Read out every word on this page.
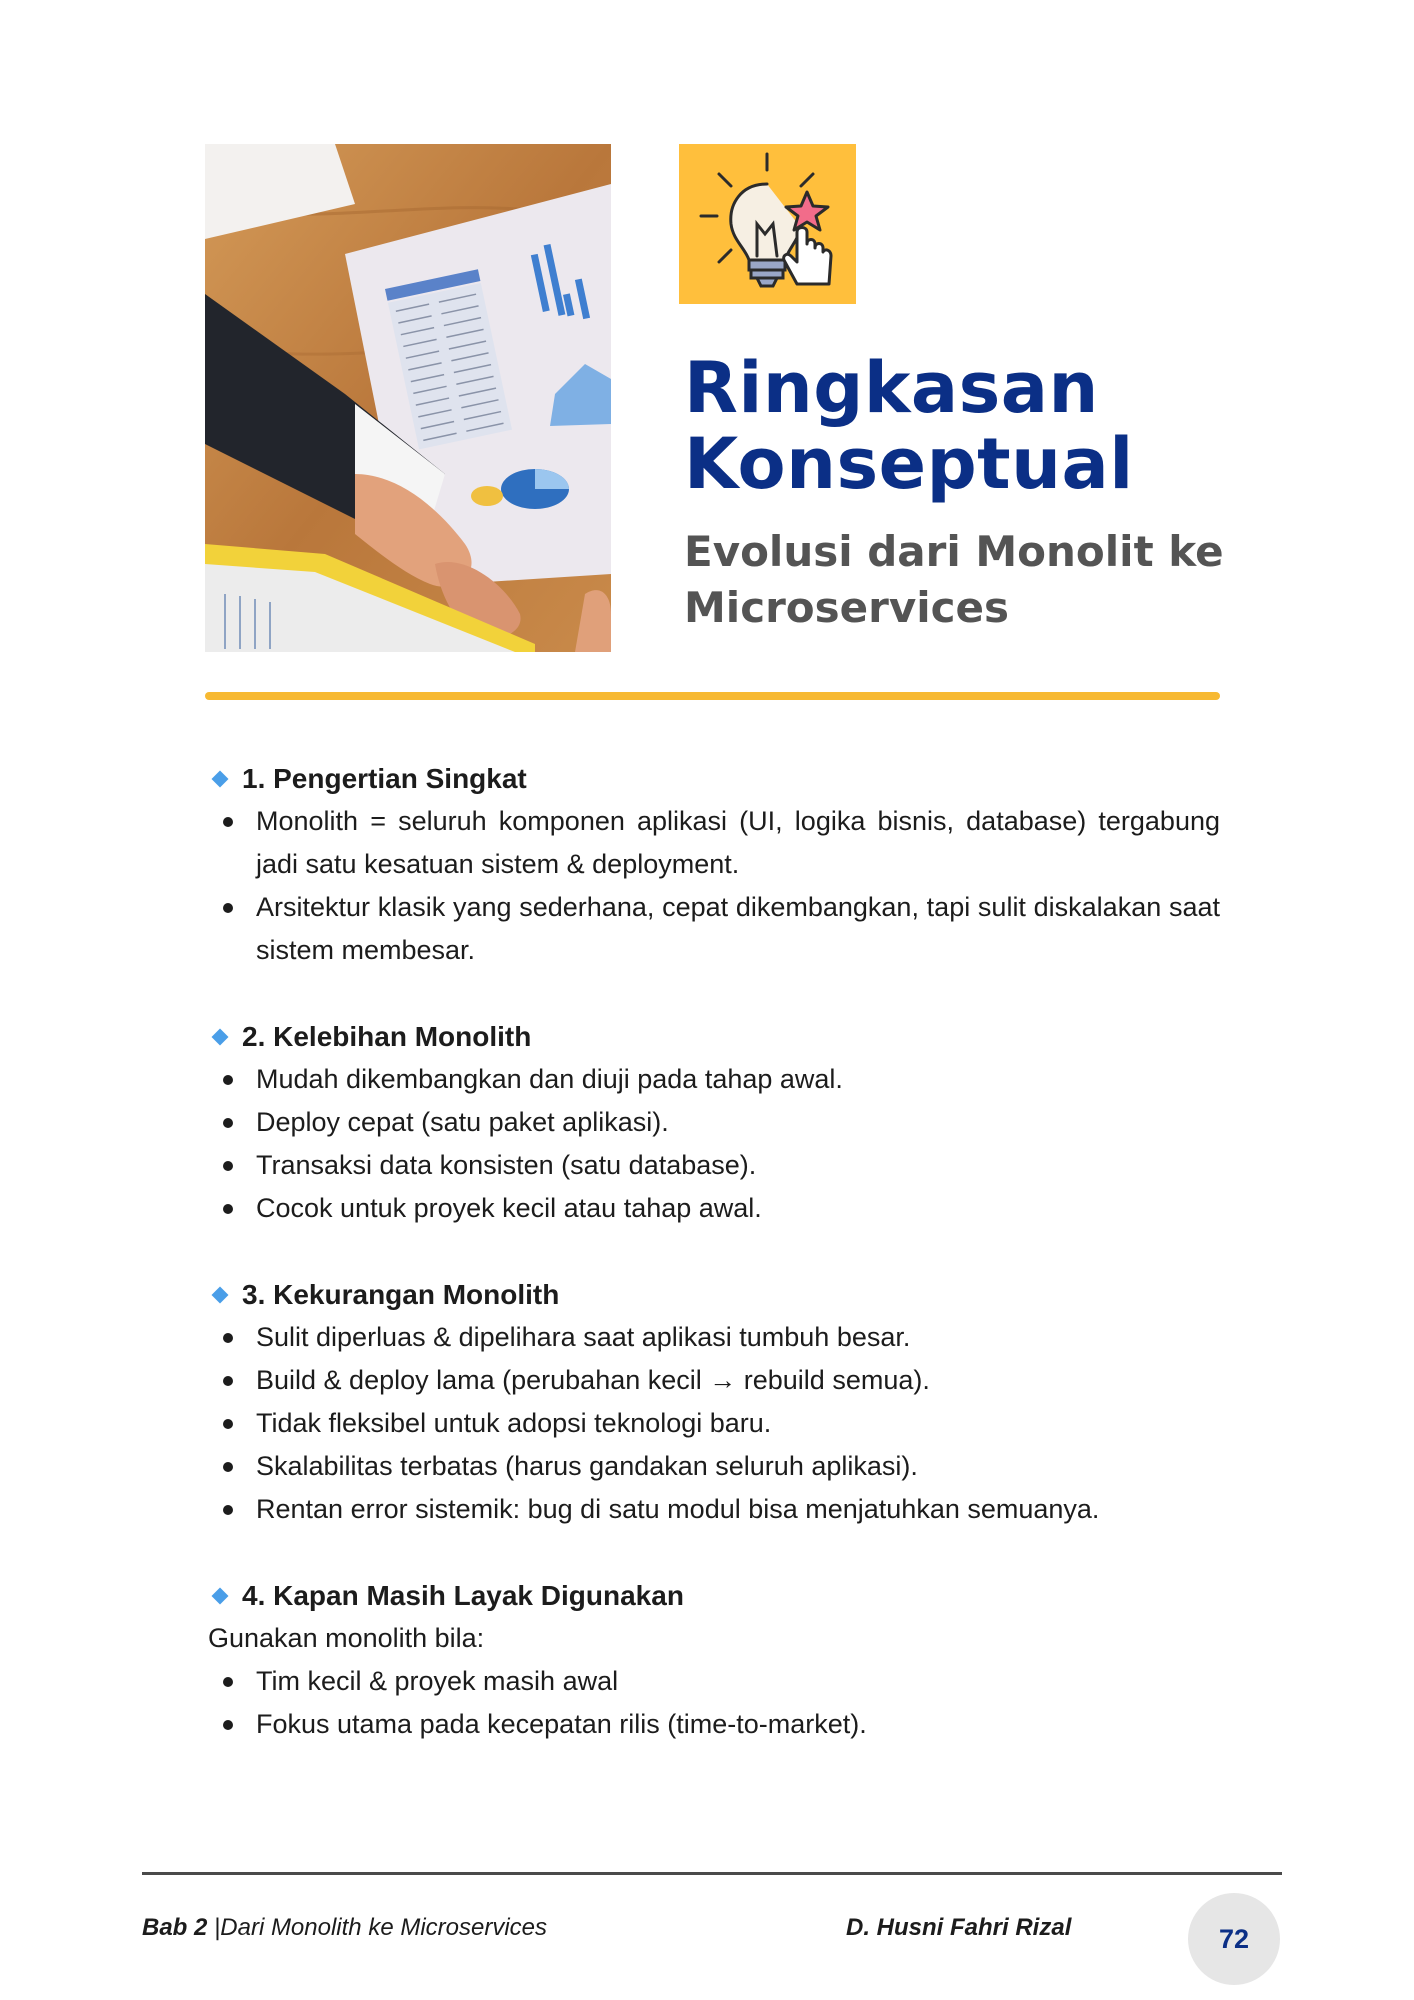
Ringkasan
Konseptual

Evolusi dari Monolit ke Microservices

1. Pengertian Singkat
Monolith = seluruh komponen aplikasi (UI, logika bisnis, database) tergabung jadi satu kesatuan sistem & deployment.
Arsitektur klasik yang sederhana, cepat dikembangkan, tapi sulit diskalakan saat sistem membesar.
2. Kelebihan Monolith
Mudah dikembangkan dan diuji pada tahap awal.
Deploy cepat (satu paket aplikasi).
Transaksi data konsisten (satu database).
Cocok untuk proyek kecil atau tahap awal.
3. Kekurangan Monolith
Sulit diperluas & dipelihara saat aplikasi tumbuh besar.
Build & deploy lama (perubahan kecil → rebuild semua).
Tidak fleksibel untuk adopsi teknologi baru.
Skalabilitas terbatas (harus gandakan seluruh aplikasi).
Rentan error sistemik: bug di satu modul bisa menjatuhkan semuanya.
4. Kapan Masih Layak Digunakan

Gunakan monolith bila:

Tim kecil & proyek masih awal
Fokus utama pada kecepatan rilis (time-to-market).
Bab 2 |Dari Monolith ke Microservices	D. Husni Fahri Rizal	72
